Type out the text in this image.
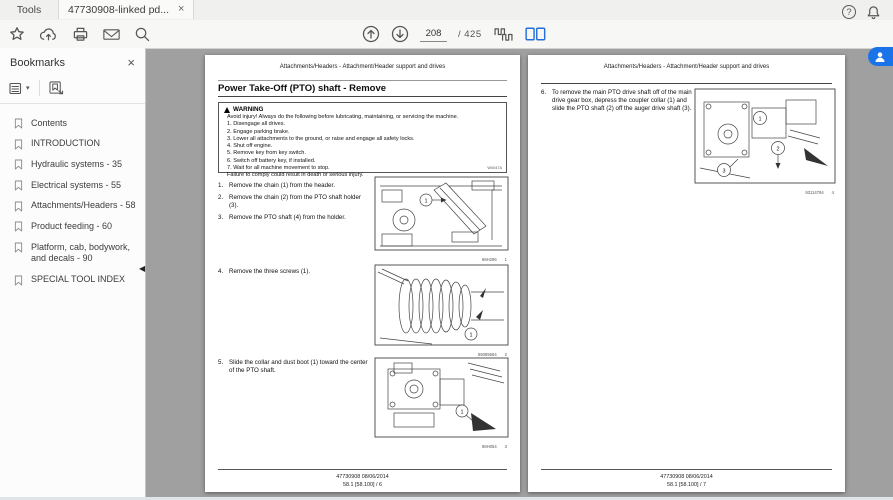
Tools	47730908-linked pd... ×	?
208	/ 425
Bookmarks	×
▾
Contents
INTRODUCTION
Hydraulic systems - 35
Electrical systems - 55
Attachments/Headers - 58
Product feeding - 60
Platform, cab, bodywork, and decals - 90
SPECIAL TOOL INDEX
◀
Attachments/Headers - Attachment/Header support and drives
Power Take-Off (PTO) shaft - Remove
WARNING
Avoid injury! Always do the following before lubricating, maintaining, or servicing the machine.
1. Disengage all drives.
2. Engage parking brake.
3. Lower all attachments to the ground, or raise and engage all safety locks.
4. Shut off engine.
5. Remove key from key switch.
6. Switch off battery key, if installed.
7. Wait for all machine movement to stop.
Failure to comply could result in death or serious injury.
W0047A
1. Remove the chain (1) from the header.
2. Remove the chain (2) from the PTO shaft holder (3).
3. Remove the PTO shaft (4) from the holder.
1
86H286 1
4. Remove the three screws (1).
1
86085564 2
5. Slide the collar and dust boot (1) toward the center of the PTO shaft.
1
86H054 3
47730908 08/06/2014
58.1 [58.100] / 6
Attachments/Headers - Attachment/Header support and drives
6. To remove the main PTO drive shaft off of the main drive gear box, depress the coupler collar (1) and slide the PTO shaft (2) off the auger drive shaft (3).
1
2
3
93114794 4
47730908 08/06/2014
58.1 [58.100] / 7
